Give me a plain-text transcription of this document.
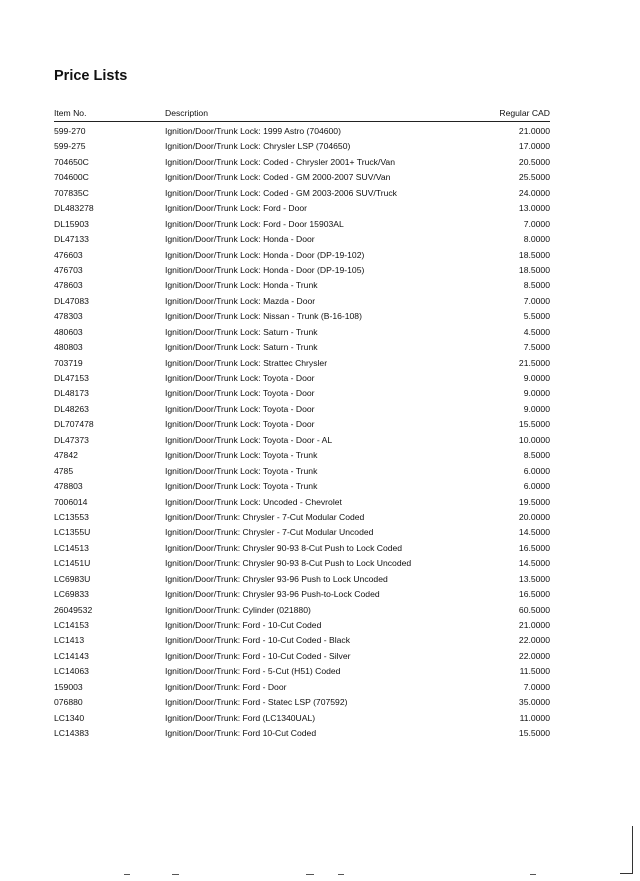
Price Lists
Item No.	Description	Regular CAD
599-270	Ignition/Door/Trunk Lock: 1999 Astro (704600)	21.0000
599-275	Ignition/Door/Trunk Lock: Chrysler LSP (704650)	17.0000
704650C	Ignition/Door/Trunk Lock: Coded - Chrysler 2001+ Truck/Van	20.5000
704600C	Ignition/Door/Trunk Lock: Coded - GM 2000-2007 SUV/Van	25.5000
707835C	Ignition/Door/Trunk Lock: Coded - GM 2003-2006 SUV/Truck	24.0000
DL483278	Ignition/Door/Trunk Lock: Ford - Door	13.0000
DL15903	Ignition/Door/Trunk Lock: Ford - Door 15903AL	7.0000
DL47133	Ignition/Door/Trunk Lock: Honda - Door	8.0000
476603	Ignition/Door/Trunk Lock: Honda - Door (DP-19-102)	18.5000
476703	Ignition/Door/Trunk Lock: Honda - Door (DP-19-105)	18.5000
478603	Ignition/Door/Trunk Lock: Honda - Trunk	8.5000
DL47083	Ignition/Door/Trunk Lock: Mazda - Door	7.0000
478303	Ignition/Door/Trunk Lock: Nissan - Trunk (B-16-108)	5.5000
480603	Ignition/Door/Trunk Lock: Saturn - Trunk	4.5000
480803	Ignition/Door/Trunk Lock: Saturn - Trunk	7.5000
703719	Ignition/Door/Trunk Lock: Strattec Chrysler	21.5000
DL47153	Ignition/Door/Trunk Lock: Toyota - Door	9.0000
DL48173	Ignition/Door/Trunk Lock: Toyota - Door	9.0000
DL48263	Ignition/Door/Trunk Lock: Toyota - Door	9.0000
DL707478	Ignition/Door/Trunk Lock: Toyota - Door	15.5000
DL47373	Ignition/Door/Trunk Lock: Toyota - Door - AL	10.0000
47842	Ignition/Door/Trunk Lock: Toyota - Trunk	8.5000
4785	Ignition/Door/Trunk Lock: Toyota - Trunk	6.0000
478803	Ignition/Door/Trunk Lock: Toyota - Trunk	6.0000
7006014	Ignition/Door/Trunk Lock: Uncoded - Chevrolet	19.5000
LC13553	Ignition/Door/Trunk: Chrysler - 7-Cut Modular Coded	20.0000
LC1355U	Ignition/Door/Trunk: Chrysler - 7-Cut Modular Uncoded	14.5000
LC14513	Ignition/Door/Trunk: Chrysler 90-93 8-Cut Push to Lock Coded	16.5000
LC1451U	Ignition/Door/Trunk: Chrysler 90-93 8-Cut Push to Lock Uncoded	14.5000
LC6983U	Ignition/Door/Trunk: Chrysler 93-96 Push to Lock Uncoded	13.5000
LC69833	Ignition/Door/Trunk: Chrysler 93-96 Push-to-Lock Coded	16.5000
26049532	Ignition/Door/Trunk: Cylinder (021880)	60.5000
LC14153	Ignition/Door/Trunk: Ford - 10-Cut Coded	21.0000
LC1413	Ignition/Door/Trunk: Ford - 10-Cut Coded - Black	22.0000
LC14143	Ignition/Door/Trunk: Ford - 10-Cut Coded - Silver	22.0000
LC14063	Ignition/Door/Trunk: Ford - 5-Cut (H51) Coded	11.5000
159003	Ignition/Door/Trunk: Ford - Door	7.0000
076880	Ignition/Door/Trunk: Ford - Statec LSP (707592)	35.0000
LC1340	Ignition/Door/Trunk: Ford (LC1340UAL)	11.0000
LC14383	Ignition/Door/Trunk: Ford 10-Cut Coded	15.5000
